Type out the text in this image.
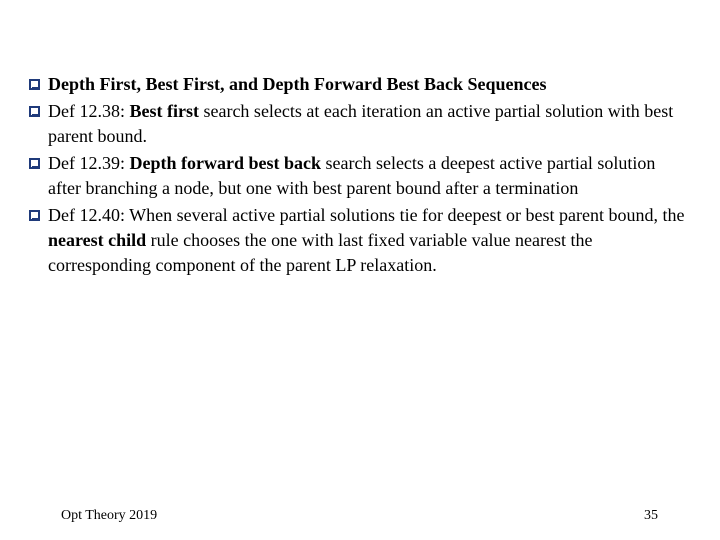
Depth First, Best First, and Depth Forward Best Back Sequences
Def 12.38: Best first search selects at each iteration an active partial solution with best parent bound.
Def 12.39: Depth forward best back search selects a deepest active partial solution after branching a node, but one with best parent bound after a termination
Def 12.40: When several active partial solutions tie for deepest or best parent bound, the nearest child rule chooses the one with last fixed variable value nearest the corresponding component of the parent LP relaxation.
Opt Theory 2019	35
